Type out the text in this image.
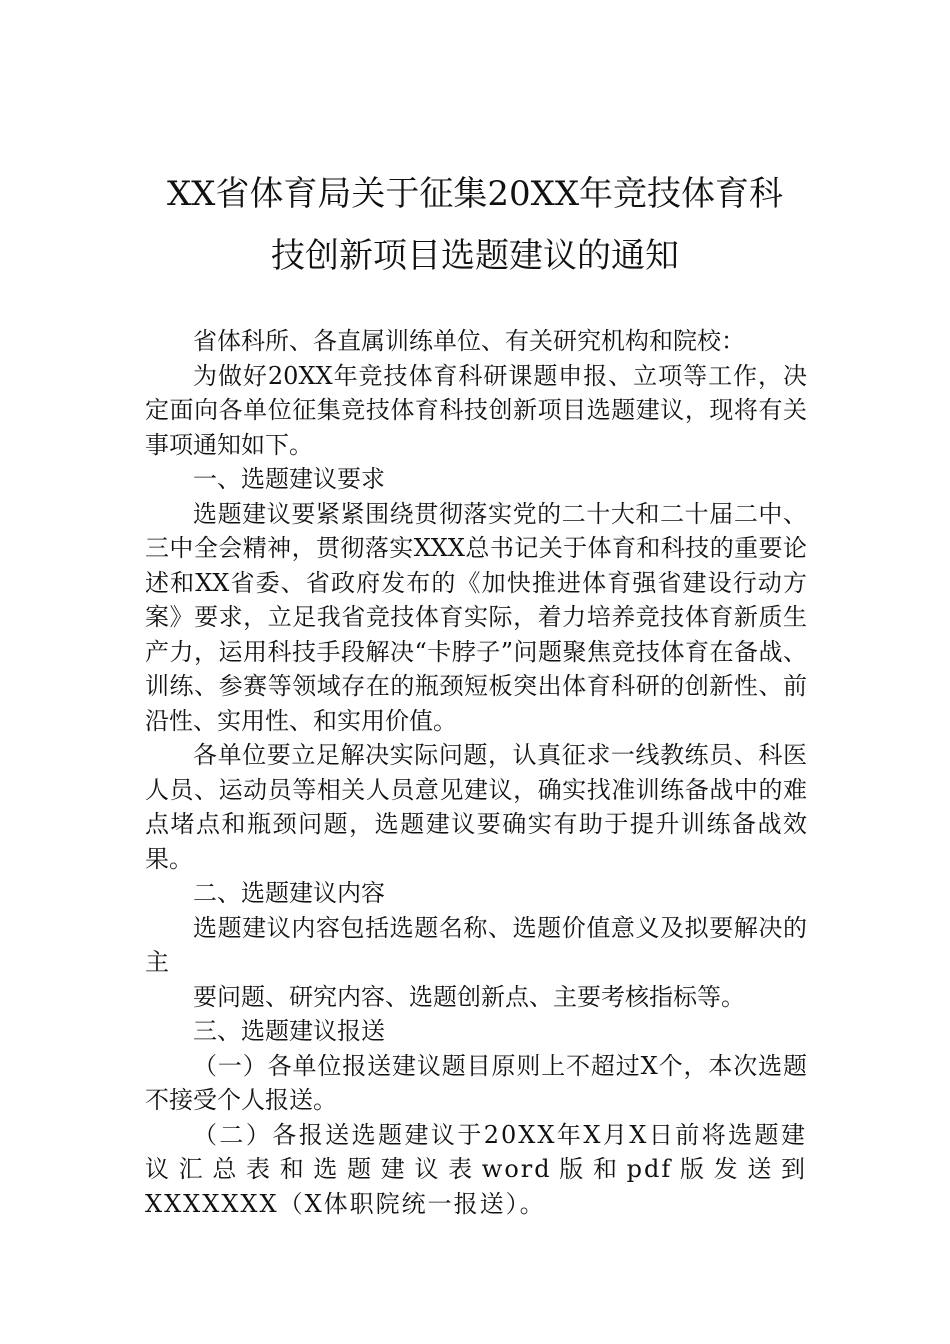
XX省体育局关于征集20XX年竞技体育科
技创新项目选题建议的通知

省体科所、各直属训练单位、有关研究机构和院校：

为做好20XX年竞技体育科研课题申报、立项等工作，决定面向各单位征集竞技体育科技创新项目选题建议，现将有关事项通知如下。

一、选题建议要求

选题建议要紧紧围绕贯彻落实党的二十大和二十届二中、三中全会精神，贯彻落实XXX总书记关于体育和科技的重要论述和XX省委、省政府发布的《加快推进体育强省建设行动方案》要求，立足我省竞技体育实际，着力培养竞技体育新质生产力，运用科技手段解决“卡脖子”问题聚焦竞技体育在备战、训练、参赛等领域存在的瓶颈短板突出体育科研的创新性、前沿性、实用性、和实用价值。

各单位要立足解决实际问题，认真征求一线教练员、科医人员、运动员等相关人员意见建议，确实找准训练备战中的难点堵点和瓶颈问题，选题建议要确实有助于提升训练备战效果。

二、选题建议内容

选题建议内容包括选题名称、选题价值意义及拟要解决的主

要问题、研究内容、选题创新点、主要考核指标等。

三、选题建议报送

（一）各单位报送建议题目原则上不超过X个，本次选题不接受个人报送。

（二）各报送选题建议于20XX年X月X日前将选题建议汇总表和选题建议表word版和pdf版发送到XXXXXXX（X体职院统一报送）。
